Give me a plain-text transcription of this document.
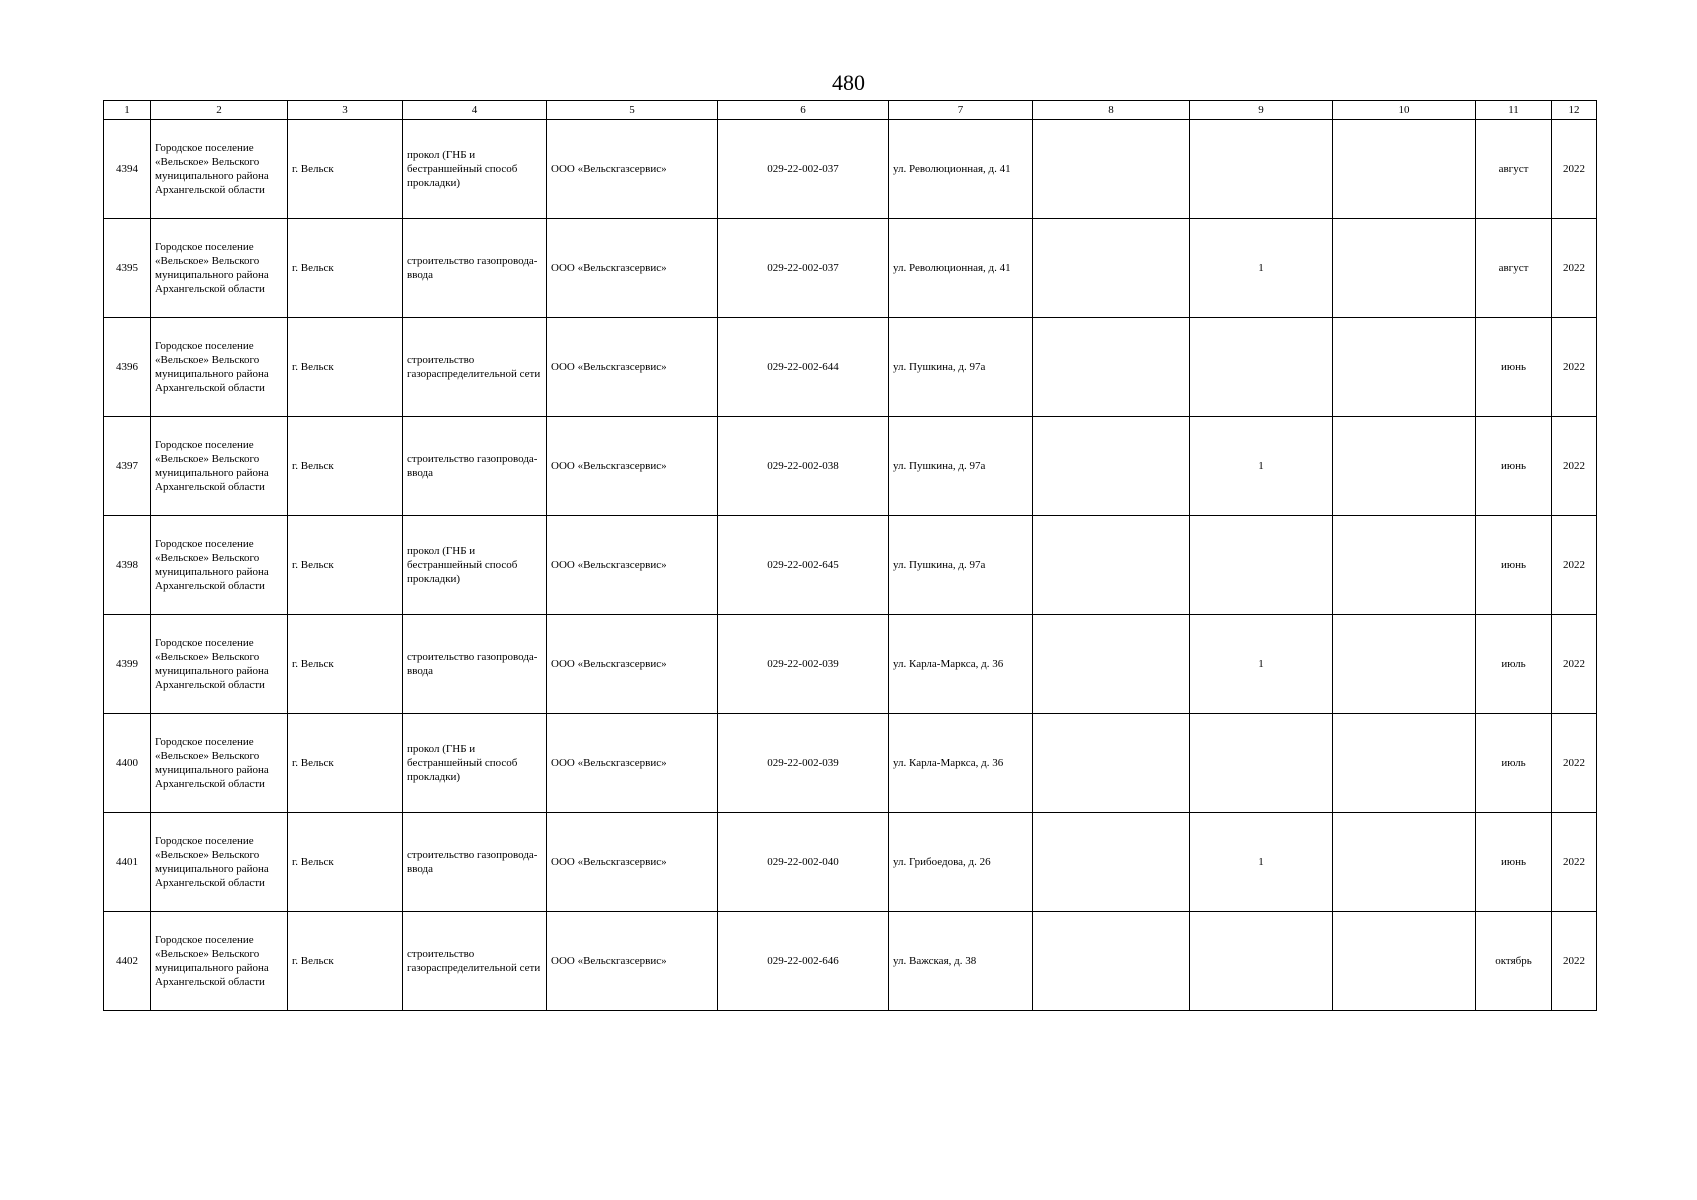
480
1	2	3	4	5	6	7	8	9	10	11	12
4394	Городское поселение «Вельское» Вельского муниципального района Архангельской области	г. Вельск	прокол (ГНБ и бестраншейный способ прокладки)	ООО «Вельскгазсервис»	029-22-002-037	ул. Революционная, д. 41				август	2022
4395	Городское поселение «Вельское» Вельского муниципального района Архангельской области	г. Вельск	строительство газопровода-ввода	ООО «Вельскгазсервис»	029-22-002-037	ул. Революционная, д. 41		1		август	2022
4396	Городское поселение «Вельское» Вельского муниципального района Архангельской области	г. Вельск	строительство газораспределительной сети	ООО «Вельскгазсервис»	029-22-002-644	ул. Пушкина, д. 97а				июнь	2022
4397	Городское поселение «Вельское» Вельского муниципального района Архангельской области	г. Вельск	строительство газопровода-ввода	ООО «Вельскгазсервис»	029-22-002-038	ул. Пушкина, д. 97а		1		июнь	2022
4398	Городское поселение «Вельское» Вельского муниципального района Архангельской области	г. Вельск	прокол (ГНБ и бестраншейный способ прокладки)	ООО «Вельскгазсервис»	029-22-002-645	ул. Пушкина, д. 97а				июнь	2022
4399	Городское поселение «Вельское» Вельского муниципального района Архангельской области	г. Вельск	строительство газопровода-ввода	ООО «Вельскгазсервис»	029-22-002-039	ул. Карла-Маркса, д. 36		1		июль	2022
4400	Городское поселение «Вельское» Вельского муниципального района Архангельской области	г. Вельск	прокол (ГНБ и бестраншейный способ прокладки)	ООО «Вельскгазсервис»	029-22-002-039	ул. Карла-Маркса, д. 36				июль	2022
4401	Городское поселение «Вельское» Вельского муниципального района Архангельской области	г. Вельск	строительство газопровода-ввода	ООО «Вельскгазсервис»	029-22-002-040	ул. Грибоедова, д. 26		1		июнь	2022
4402	Городское поселение «Вельское» Вельского муниципального района Архангельской области	г. Вельск	строительство газораспределительной сети	ООО «Вельскгазсервис»	029-22-002-646	ул. Важская, д. 38				октябрь	2022
